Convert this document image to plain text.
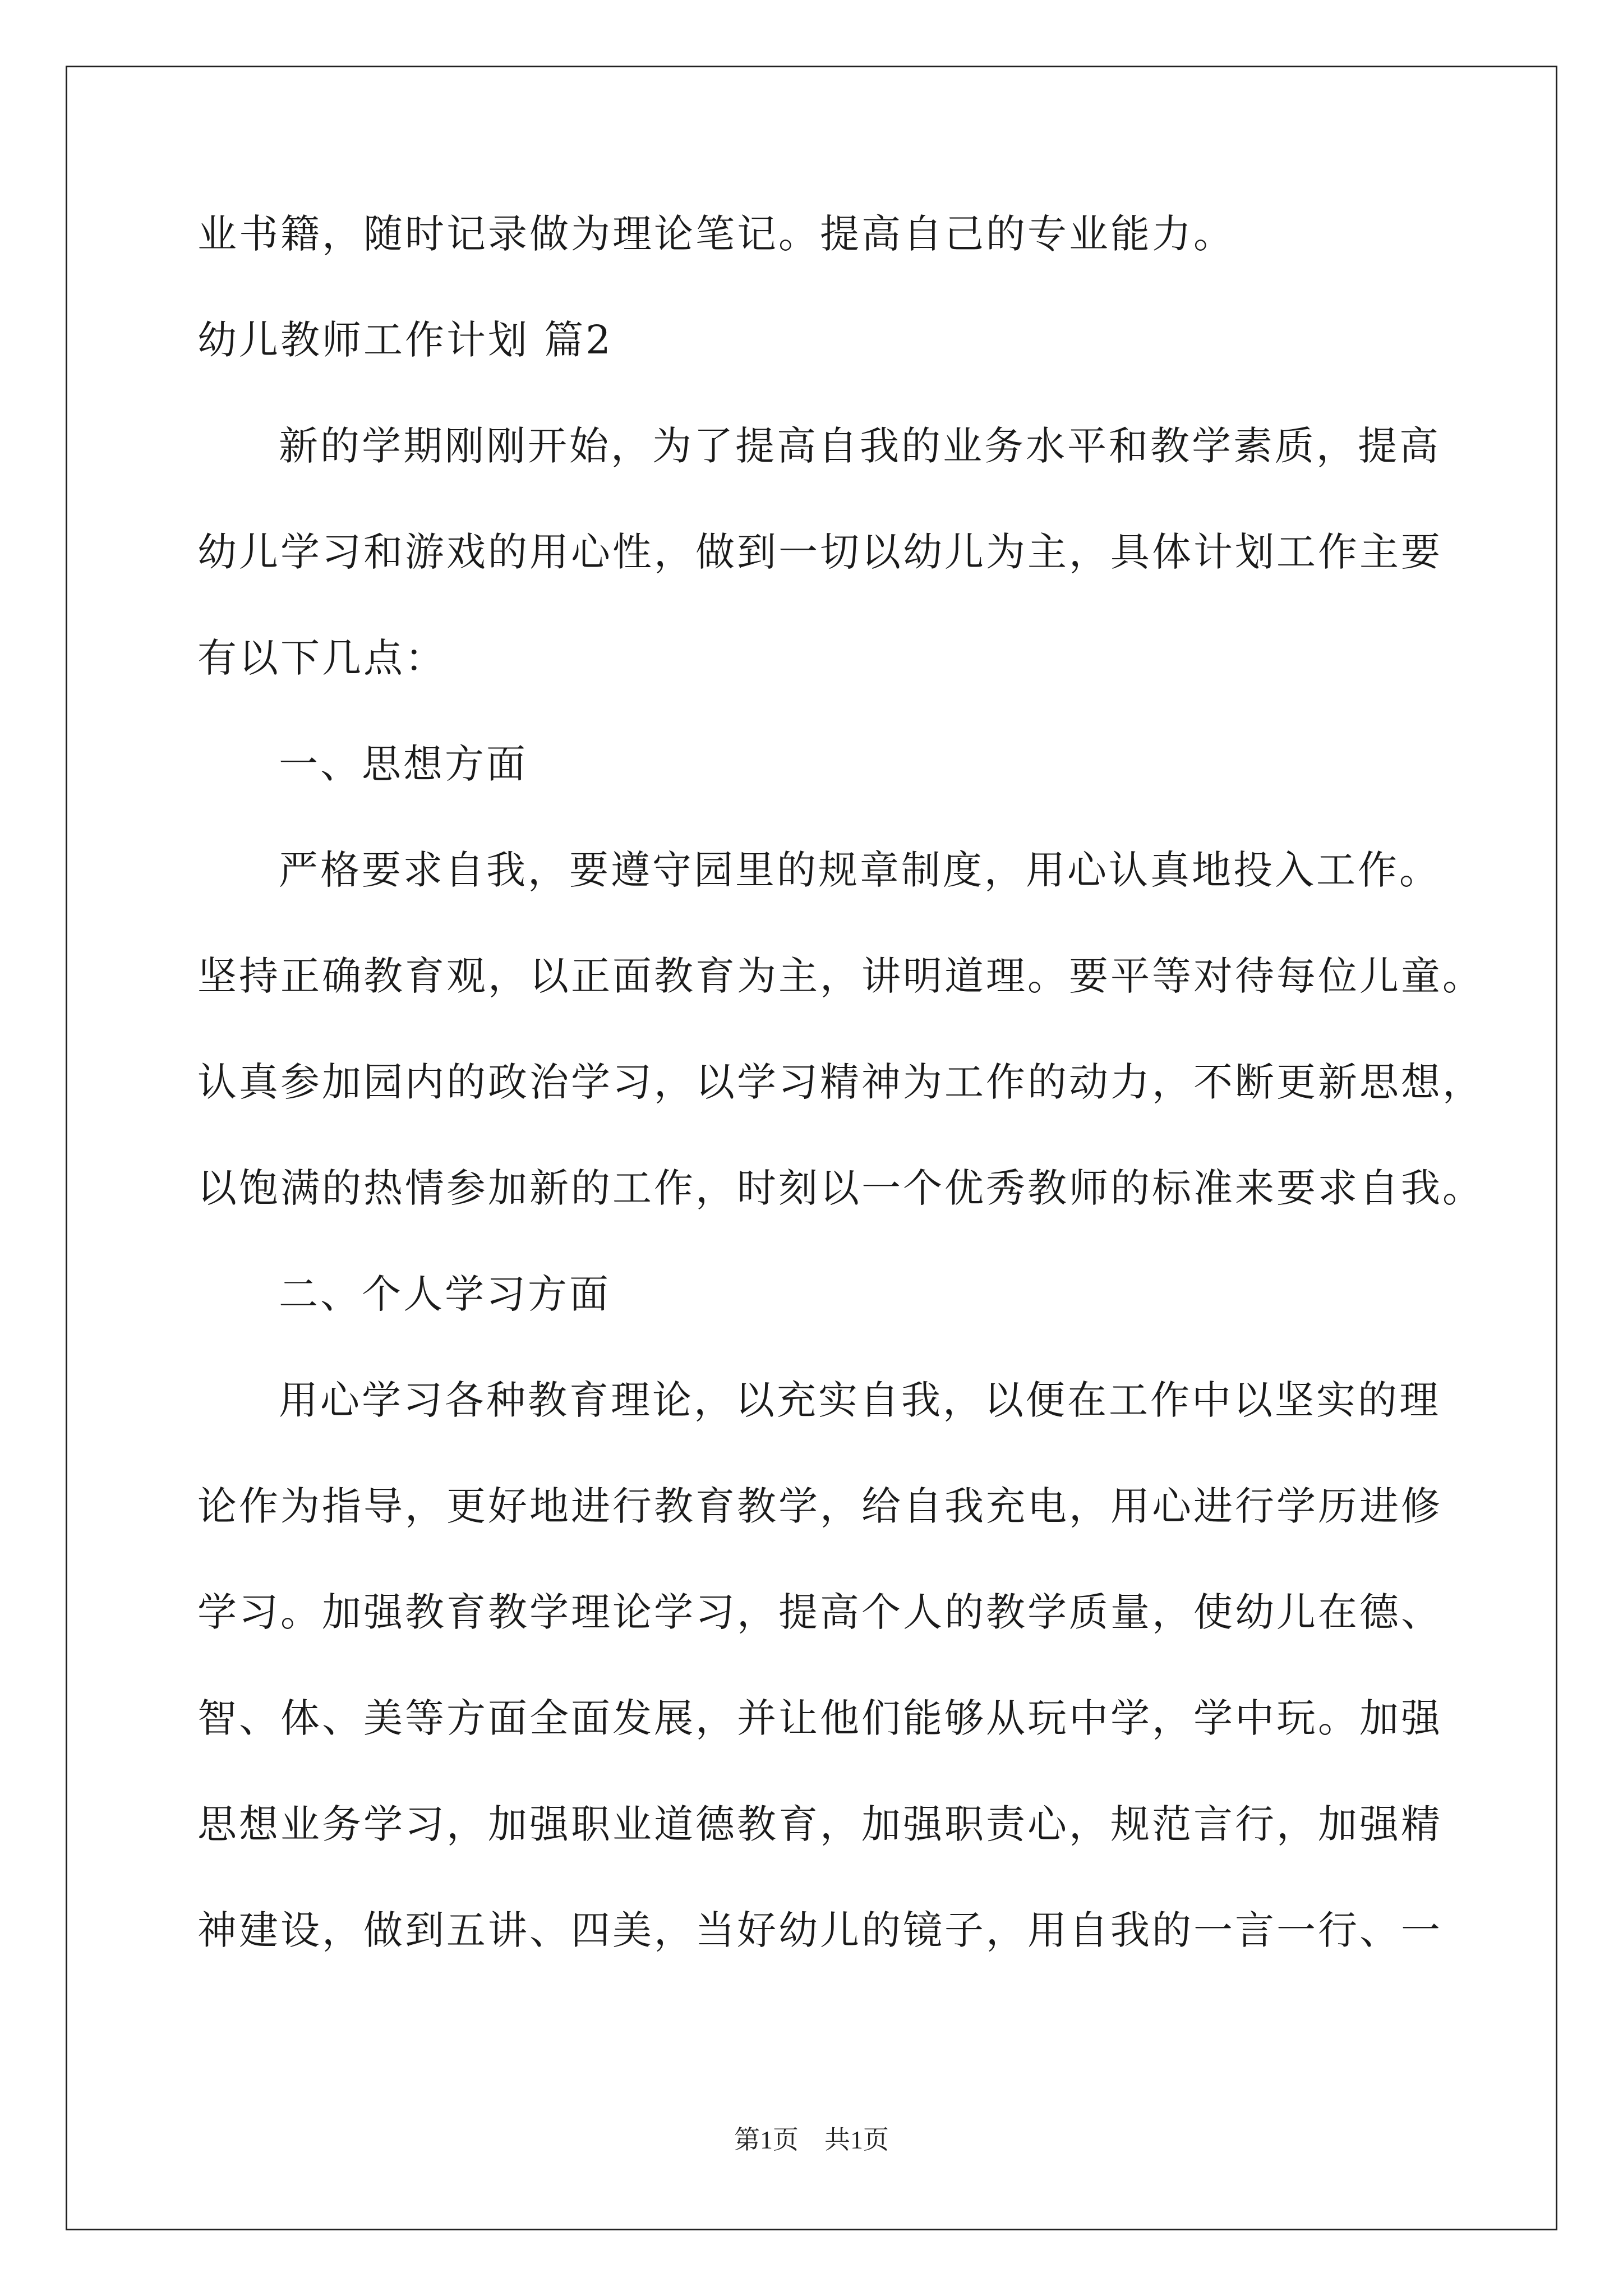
业书籍，随时记录做为理论笔记。提高自己的专业能力。
幼儿教师工作计划 篇2
新的学期刚刚开始，为了提高自我的业务水平和教学素质，提高
幼儿学习和游戏的用心性，做到一切以幼儿为主，具体计划工作主要
有以下几点：
一、思想方面
严格要求自我，要遵守园里的规章制度，用心认真地投入工作。
坚持正确教育观，以正面教育为主，讲明道理。要平等对待每位儿童。
认真参加园内的政治学习，以学习精神为工作的动力，不断更新思想，
以饱满的热情参加新的工作，时刻以一个优秀教师的标准来要求自我。
二、个人学习方面
用心学习各种教育理论，以充实自我，以便在工作中以坚实的理
论作为指导，更好地进行教育教学，给自我充电，用心进行学历进修
学习。加强教育教学理论学习，提高个人的教学质量，使幼儿在德、
智、体、美等方面全面发展，并让他们能够从玩中学，学中玩。加强
思想业务学习，加强职业道德教育，加强职责心，规范言行，加强精
神建设，做到五讲、四美，当好幼儿的镜子，用自我的一言一行、一
第1页 共1页
